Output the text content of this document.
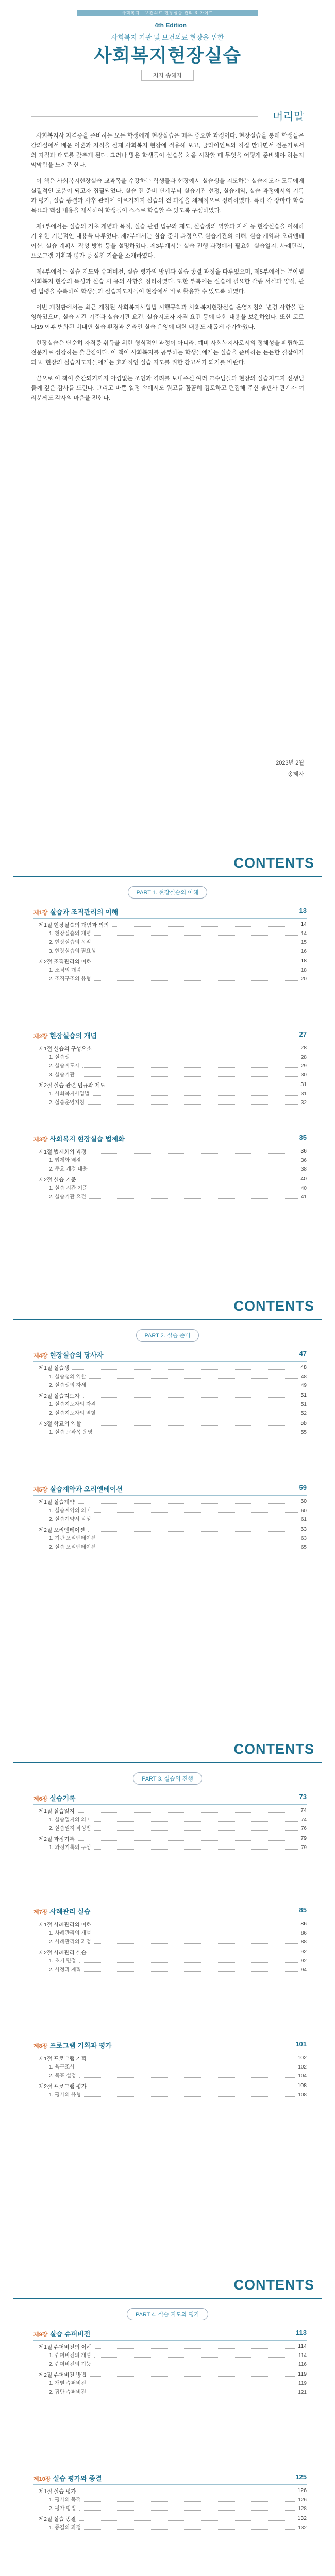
사회복지 · 보건의료 현장실습 관리 & 가이드
4th Edition
사회복지 기관 및 보건의료 현장을 위한
사회복지현장실습
저자 송혜자
머리말

사회복지사 자격증을 준비하는 모든 학생에게 현장실습은 매우 중요한 과정이다. 현장실습을 통해 학생들은 강의실에서 배운 이론과 지식을 실제 사회복지 현장에 적용해 보고, 클라이언트와 직접 만나면서 전문가로서의 자질과 태도를 갖추게 된다. 그러나 많은 학생들이 실습을 처음 시작할 때 무엇을 어떻게 준비해야 하는지 막막함을 느끼곤 한다.

이 책은 사회복지현장실습 교과목을 수강하는 학생들과 현장에서 실습생을 지도하는 실습지도자 모두에게 실질적인 도움이 되고자 집필되었다. 실습 전 준비 단계부터 실습기관 선정, 실습계약, 실습 과정에서의 기록과 평가, 실습 종결과 사후 관리에 이르기까지 실습의 전 과정을 체계적으로 정리하였다. 특히 각 장마다 학습목표와 핵심 내용을 제시하여 학생들이 스스로 학습할 수 있도록 구성하였다.

제1부에서는 실습의 기초 개념과 목적, 실습 관련 법규와 제도, 실습생의 역할과 자세 등 현장실습을 이해하기 위한 기본적인 내용을 다루었다. 제2부에서는 실습 준비 과정으로 실습기관의 이해, 실습 계약과 오리엔테이션, 실습 계획서 작성 방법 등을 설명하였다. 제3부에서는 실습 진행 과정에서 필요한 실습일지, 사례관리, 프로그램 기획과 평가 등 실천 기술을 소개하였다.

제4부에서는 실습 지도와 슈퍼비전, 실습 평가의 방법과 실습 종결 과정을 다루었으며, 제5부에서는 분야별 사회복지 현장의 특성과 실습 시 유의 사항을 정리하였다. 또한 부록에는 실습에 필요한 각종 서식과 양식, 관련 법령을 수록하여 학생들과 실습지도자들이 현장에서 바로 활용할 수 있도록 하였다.

이번 개정판에서는 최근 개정된 사회복지사업법 시행규칙과 사회복지현장실습 운영지침의 변경 사항을 반영하였으며, 실습 시간 기준과 실습기관 요건, 실습지도자 자격 요건 등에 대한 내용을 보완하였다. 또한 코로나19 이후 변화된 비대면 실습 환경과 온라인 실습 운영에 대한 내용도 새롭게 추가하였다.

현장실습은 단순히 자격증 취득을 위한 형식적인 과정이 아니라, 예비 사회복지사로서의 정체성을 확립하고 전문가로 성장하는 출발점이다. 이 책이 사회복지를 공부하는 학생들에게는 실습을 준비하는 든든한 길잡이가 되고, 현장의 실습지도자들에게는 효과적인 실습 지도를 위한 참고서가 되기를 바란다.

끝으로 이 책이 출간되기까지 아낌없는 조언과 격려를 보내주신 여러 교수님들과 현장의 실습지도자 선생님들께 깊은 감사를 드린다. 그리고 바쁜 일정 속에서도 원고를 꼼꼼히 검토하고 편집해 주신 출판사 관계자 여러분께도 감사의 마음을 전한다.

2023년 2월
송혜자
CONTENTS
PART 1. 현장실습의 이해
제1장 실습과 조직관리의 이해	13
제1절 현장실습의 개념과 의의	14
1. 현장실습의 개념	14
2. 현장실습의 목적	15
3. 현장실습의 필요성	16
제2절 조직관리의 이해	18
1. 조직의 개념	18
2. 조직구조의 유형	20
제2장 현장실습의 개념	27
제1절 실습의 구성요소	28
1. 실습생	28
2. 실습지도자	29
3. 실습기관	30
제2절 실습 관련 법규와 제도	31
1. 사회복지사업법	31
2. 실습운영지침	32
제3장 사회복지 현장실습 법제화	35
제1절 법제화의 과정	36
1. 법제화 배경	36
2. 주요 개정 내용	38
제2절 실습 기준	40
1. 실습 시간 기준	40
2. 실습기관 요건	41
CONTENTS
PART 2. 실습 준비
제4장 현장실습의 당사자	47
제1절 실습생	48
1. 실습생의 역할	48
2. 실습생의 자세	49
제2절 실습지도자	51
1. 실습지도자의 자격	51
2. 실습지도자의 역할	52
제3절 학교의 역할	55
1. 실습 교과목 운영	55
제5장 실습계약과 오리엔테이션	59
제1절 실습계약	60
1. 실습계약의 의미	60
2. 실습계약서 작성	61
제2절 오리엔테이션	63
1. 기관 오리엔테이션	63
2. 실습 오리엔테이션	65
CONTENTS
PART 3. 실습의 진행
제6장 실습기록	73
제1절 실습일지	74
1. 실습일지의 의미	74
2. 실습일지 작성법	76
제2절 과정기록	79
1. 과정기록의 구성	79
제7장 사례관리 실습	85
제1절 사례관리의 이해	86
1. 사례관리의 개념	86
2. 사례관리의 과정	88
제2절 사례관리 실습	92
1. 초기 면접	92
2. 사정과 계획	94
제8장 프로그램 기획과 평가	101
제1절 프로그램 기획	102
1. 욕구조사	102
2. 목표 설정	104
제2절 프로그램 평가	108
1. 평가의 유형	108
CONTENTS
PART 4. 실습 지도와 평가
제9장 실습 슈퍼비전	113
제1절 슈퍼비전의 이해	114
1. 슈퍼비전의 개념	114
2. 슈퍼비전의 기능	116
제2절 슈퍼비전 방법	119
1. 개별 슈퍼비전	119
2. 집단 슈퍼비전	121
제10장 실습 평가와 종결	125
제1절 실습 평가	126
1. 평가의 목적	126
2. 평가 방법	128
제2절 실습 종결	132
1. 종결의 과정	132
